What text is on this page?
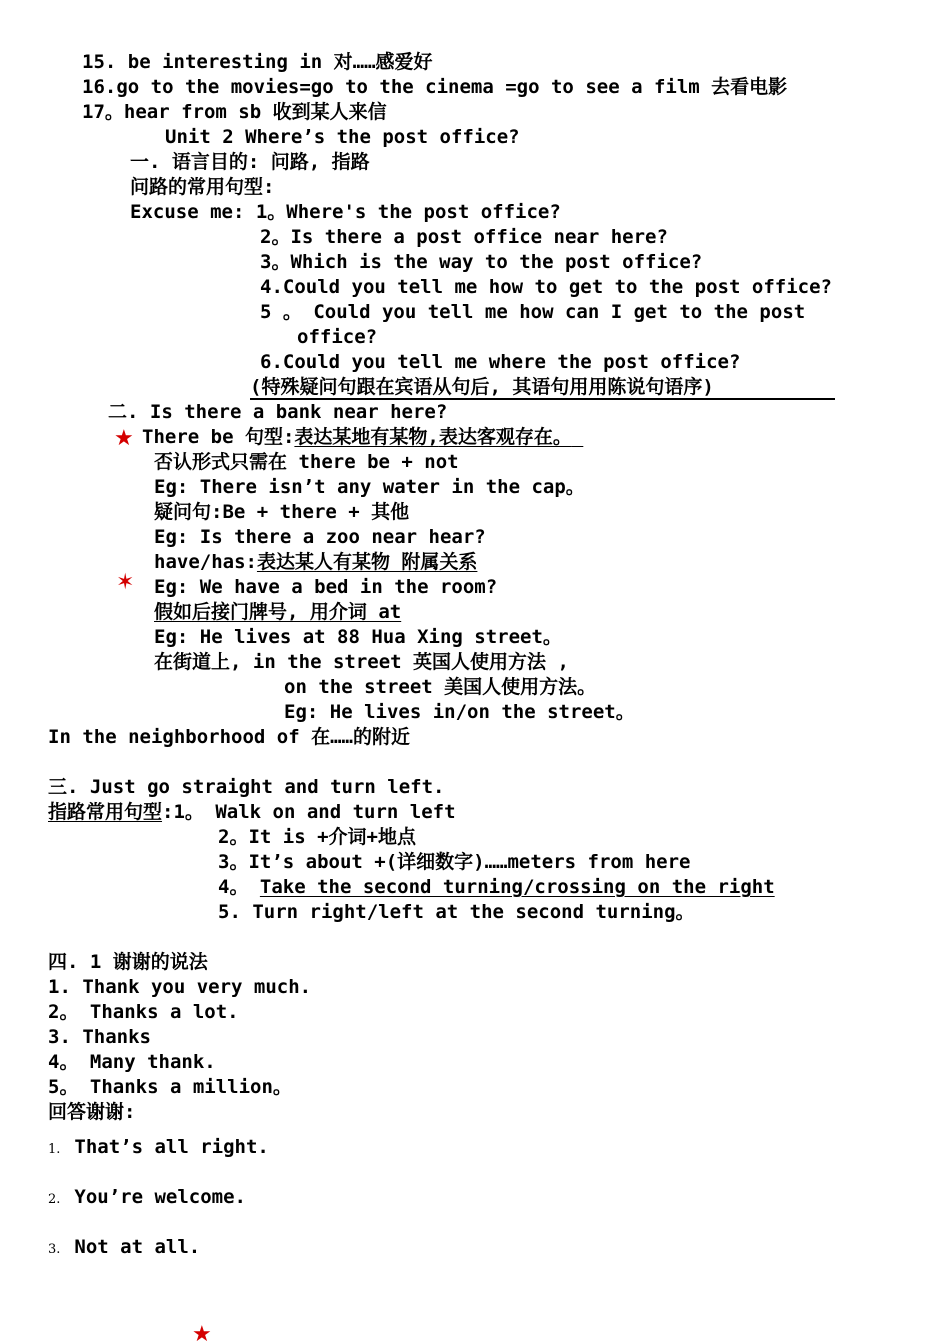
15. be interesting in 对……感爱好
16.go to the movies=go to the cinema =go to see a film 去看电影
17。hear from sb 收到某人来信
Unit 2 Where’s the post office?
一. 语言目的: 问路, 指路
问路的常用句型:
Excuse me: 1。Where's the post office?
2。Is there a post office near here?
3。Which is the way to the post office?
4.Could you tell me how to get to the post office?
5 。 Could you tell me how can I get to the post
office?
6.Could you tell me where the post office?
(特殊疑问句跟在宾语从句后, 其语句用用陈说句语序)
二. Is there a bank near here?
★ There be 句型:表达某地有某物,表达客观存在。
否认形式只需在 there be + not
Eg: There isn’t any water in the cap。
疑问句:Be + there + 其他
Eg: Is there a zoo near hear?
have/has:表达某人有某物 附属关系
✶ Eg: We have a bed in the room?
假如后接门牌号, 用介词 at
Eg: He lives at 88 Hua Xing street。
在街道上, in the street 英国人使用方法 ,
on the street 美国人使用方法。
Eg: He lives in/on the street。
In the neighborhood of 在……的附近
三. Just go straight and turn left.
指路常用句型:1。 Walk on and turn left
2。It is +介词+地点
3。It’s about +(详细数字)……meters from here
4。 Take the second turning/crossing on the right
5. Turn right/left at the second turning。
四. 1 谢谢的说法
1. Thank you very much.
2。 Thanks a lot.
3. Thanks
4。 Many thank.
5。 Thanks a million。
回答谢谢:
1. That’s all right.
2. You’re welcome.
3. Not at all.
★
